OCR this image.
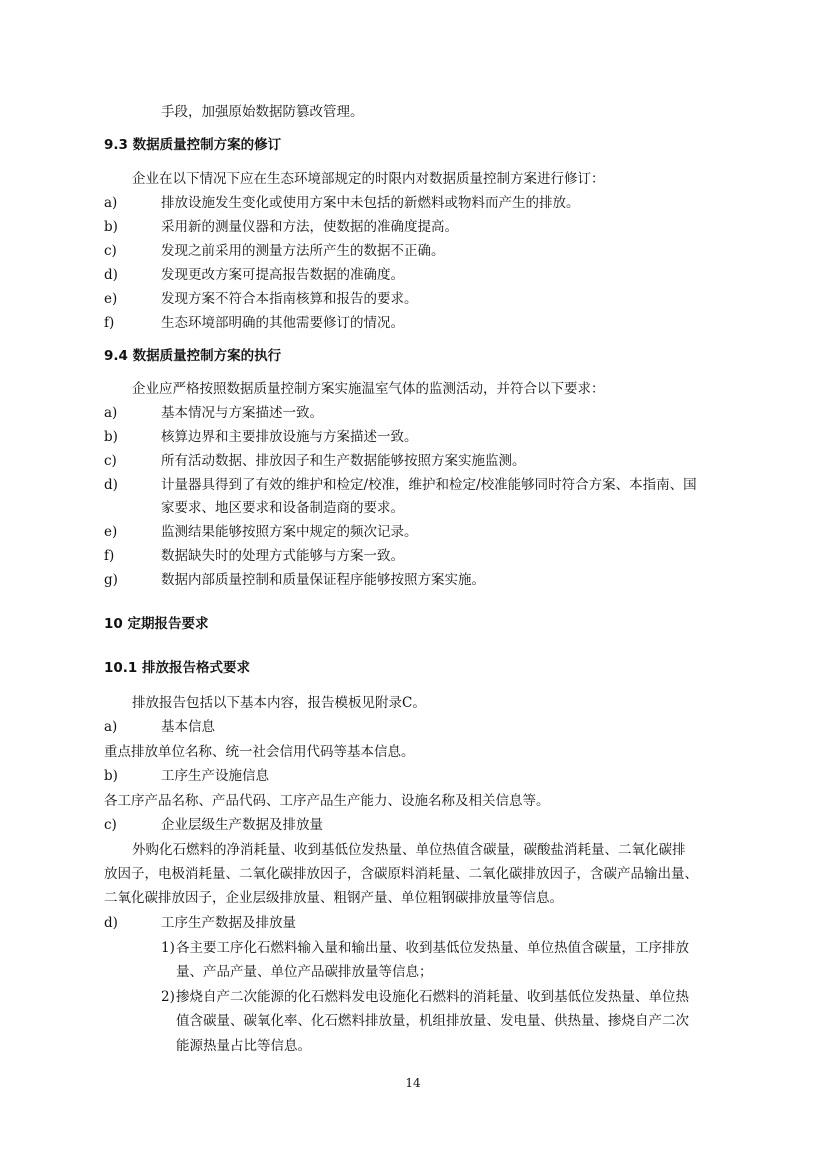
手段，加强原始数据防篡改管理。
9.3 数据质量控制方案的修订
企业在以下情况下应在生态环境部规定的时限内对数据质量控制方案进行修订：
a)	排放设施发生变化或使用方案中未包括的新燃料或物料而产生的排放。
b)	采用新的测量仪器和方法，使数据的准确度提高。
c)	发现之前采用的测量方法所产生的数据不正确。
d)	发现更改方案可提高报告数据的准确度。
e)	发现方案不符合本指南核算和报告的要求。
f)	生态环境部明确的其他需要修订的情况。
9.4 数据质量控制方案的执行
企业应严格按照数据质量控制方案实施温室气体的监测活动，并符合以下要求：
a)	基本情况与方案描述一致。
b)	核算边界和主要排放设施与方案描述一致。
c)	所有活动数据、排放因子和生产数据能够按照方案实施监测。
d)	计量器具得到了有效的维护和检定/校准，维护和检定/校准能够同时符合方案、本指南、国
家要求、地区要求和设备制造商的要求。
e)	监测结果能够按照方案中规定的频次记录。
f)	数据缺失时的处理方式能够与方案一致。
g)	数据内部质量控制和质量保证程序能够按照方案实施。
10 定期报告要求
10.1 排放报告格式要求
排放报告包括以下基本内容，报告模板见附录C。
a)	基本信息
重点排放单位名称、统一社会信用代码等基本信息。
b)	工序生产设施信息
各工序产品名称、产品代码、工序产品生产能力、设施名称及相关信息等。
c)	企业层级生产数据及排放量
外购化石燃料的净消耗量、收到基低位发热量、单位热值含碳量，碳酸盐消耗量、二氧化碳排
放因子，电极消耗量、二氧化碳排放因子，含碳原料消耗量、二氧化碳排放因子，含碳产品输出量、
二氧化碳排放因子，企业层级排放量、粗钢产量、单位粗钢碳排放量等信息。
d)	工序生产数据及排放量
1) 各主要工序化石燃料输入量和输出量、收到基低位发热量、单位热值含碳量，工序排放
量、产品产量、单位产品碳排放量等信息；
2) 掺烧自产二次能源的化石燃料发电设施化石燃料的消耗量、收到基低位发热量、单位热
值含碳量、碳氧化率、化石燃料排放量，机组排放量、发电量、供热量、掺烧自产二次
能源热量占比等信息。
14
